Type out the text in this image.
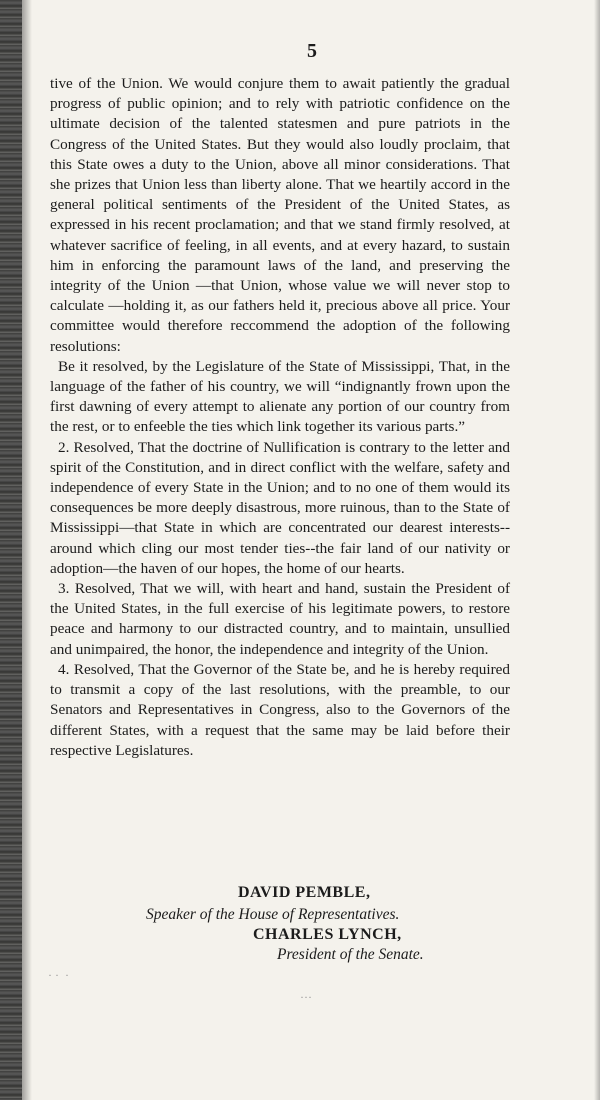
5

tive of the Union. We would conjure them to await patiently the gradual progress of public opinion; and to rely with patriotic confidence on the ultimate decision of the talented statesmen and pure patriots in the Congress of the United States. But they would also loudly proclaim, that this State owes a duty to the Union, above all minor considerations. That she prizes that Union less than liberty alone. That we heartily accord in the general political sentiments of the President of the United States, as expressed in his recent proclamation; and that we stand firmly resolved, at whatever sacrifice of feeling, in all events, and at every hazard, to sustain him in enforcing the paramount laws of the land, and preserving the integrity of the Union —that Union, whose value we will never stop to calculate —holding it, as our fathers held it, precious above all price. Your committee would therefore reccommend the adoption of the following resolutions:

Be it resolved, by the Legislature of the State of Mississippi, That, in the language of the father of his country, we will “indignantly frown upon the first dawning of every attempt to alienate any portion of our country from the rest, or to enfeeble the ties which link together its various parts.”

2. Resolved, That the doctrine of Nullification is contrary to the letter and spirit of the Constitution, and in direct conflict with the welfare, safety and independence of every State in the Union; and to no one of them would its consequences be more deeply disastrous, more ruinous, than to the State of Mississippi—that State in which are concentrated our dearest interests--around which cling our most tender ties--the fair land of our nativity or adoption—the haven of our hopes, the home of our hearts.

3. Resolved, That we will, with heart and hand, sustain the President of the United States, in the full exercise of his legitimate powers, to restore peace and harmony to our distracted country, and to maintain, unsullied and unimpaired, the honor, the independence and integrity of the Union.

4. Resolved, That the Governor of the State be, and he is hereby required to transmit a copy of the last resolutions, with the preamble, to our Senators and Representatives in Congress, also to the Governors of the different States, with a request that the same may be laid before their respective Legislatures.

DAVID PEMBLE,
Speaker of the House of Representatives.
CHARLES LYNCH,
President of the Senate.
· ·  ·
···
